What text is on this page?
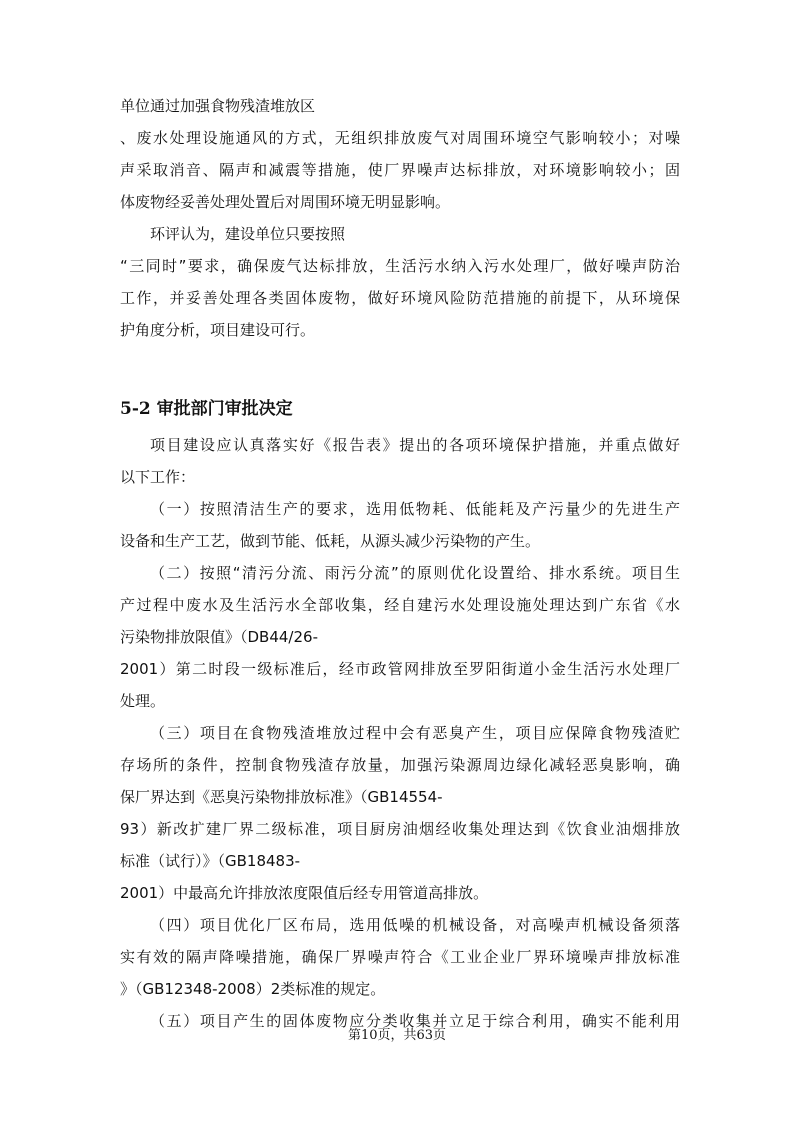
单位通过加强食物残渣堆放区
、废水处理设施通风的方式，无组织排放废气对周围环境空气影响较小；对噪
声采取消音、隔声和减震等措施，使厂界噪声达标排放，对环境影响较小；固
体废物经妥善处理处置后对周围环境无明显影响。
环评认为，建设单位只要按照
“三同时”要求，确保废气达标排放，生活污水纳入污水处理厂，做好噪声防治
工作，并妥善处理各类固体废物，做好环境风险防范措施的前提下，从环境保
护角度分析，项目建设可行。
5-2 审批部门审批决定
项目建设应认真落实好《报告表》提出的各项环境保护措施，并重点做好
以下工作：
（一）按照清洁生产的要求，选用低物耗、低能耗及产污量少的先进生产
设备和生产工艺，做到节能、低耗，从源头减少污染物的产生。
（二）按照“清污分流、雨污分流”的原则优化设置给、排水系统。项目生
产过程中废水及生活污水全部收集，经自建污水处理设施处理达到广东省《水
污染物排放限值》（DB44/26-
2001）第二时段一级标准后，经市政管网排放至罗阳街道小金生活污水处理厂
处理。
（三）项目在食物残渣堆放过程中会有恶臭产生，项目应保障食物残渣贮
存场所的条件，控制食物残渣存放量，加强污染源周边绿化减轻恶臭影响，确
保厂界达到《恶臭污染物排放标准》（GB14554-
93）新改扩建厂界二级标准，项目厨房油烟经收集处理达到《饮食业油烟排放
标准（试行）》（GB18483-
2001）中最高允许排放浓度限值后经专用管道高排放。
（四）项目优化厂区布局，选用低噪的机械设备，对高噪声机械设备须落
实有效的隔声降噪措施，确保厂界噪声符合《工业企业厂界环境噪声排放标准
》（GB12348-2008）2类标准的规定。
（五）项目产生的固体废物应分类收集并立足于综合利用，确实不能利用
第10页，共63页
